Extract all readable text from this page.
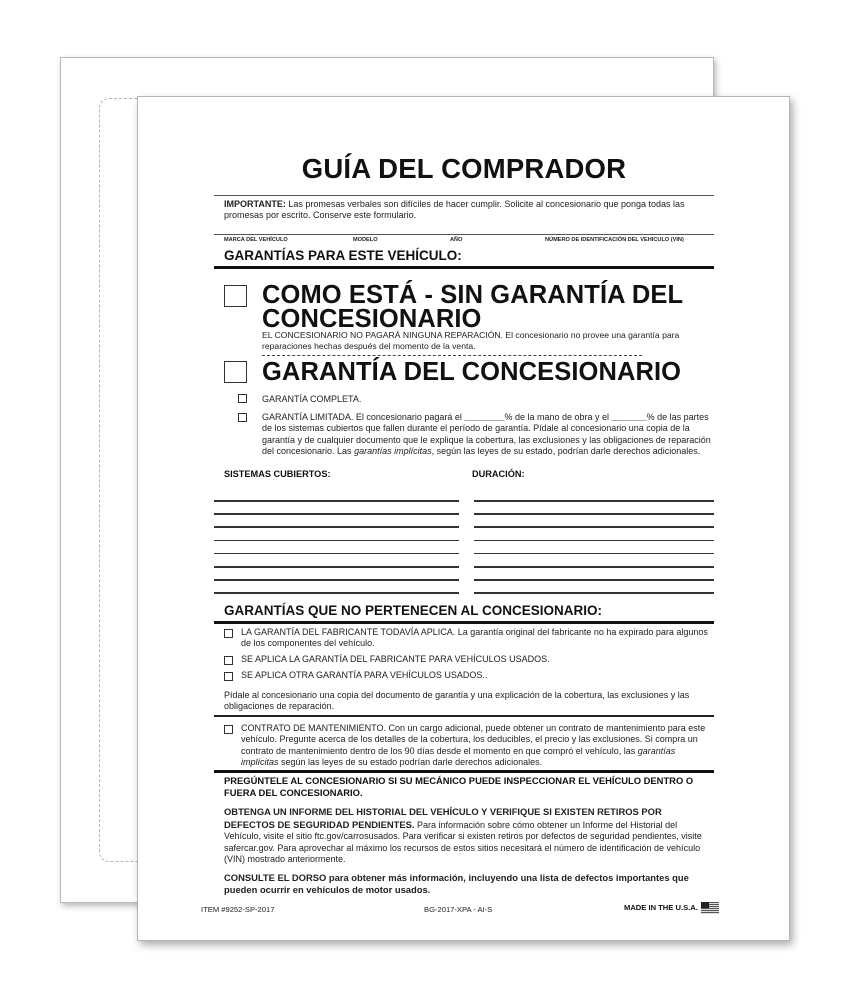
GUÍA DEL COMPRADOR
IMPORTANTE: Las promesas verbales son difíciles de hacer cumplir. Solicite al concesionario que ponga todas las promesas por escrito. Conserve este formulario.
MARCA DEL VEHÍCULO	MODELO	AÑO	NÚMERO DE IDENTIFICACIÓN DEL VEHICULO (VIN)
GARANTÍAS PARA ESTE VEHÍCULO:
COMO ESTÁ - SIN GARANTÍA DEL
CONCESIONARIO
EL CONCESIONARIO NO PAGARÁ NINGUNA REPARACIÓN. El concesionario no provee una garantía para reparaciones hechas después del momento de la venta.
GARANTÍA DEL CONCESIONARIO
GARANTÍA COMPLETA.
GARANTÍA LIMITADA. El concesionario pagará el ________% de la mano de obra y el _______% de las partes de los sistemas cubiertos que fallen durante el período de garantía. Pídale al concesionario una copia de la garantía y de cualquier documento que le explique la cobertura, las exclusiones y las obligaciones de reparación del concesionario. Las garantías implícitas, según las leyes de su estado, podrían darle derechos adicionales.
SISTEMAS CUBIERTOS:	DURACIÓN:
GARANTÍAS QUE NO PERTENECEN AL CONCESIONARIO:
LA GARANTÍA DEL FABRICANTE TODAVÍA APLICA. La garantía original del fabricante no ha expirado para algunos de los componentes del vehículo.
SE APLICA LA GARANTÍA DEL FABRICANTE PARA VEHÍCULOS USADOS.
SE APLICA OTRA GARANTÍA PARA VEHÍCULOS USADOS..
Pídale al concesionario una copia del documento de garantía y una explicación de la cobertura, las exclusiones y las obligaciones de reparación.
CONTRATO DE MANTENIMIENTO. Con un cargo adicional, puede obtener un contrato de mantenimiento para este vehículo. Pregunte acerca de los detalles de la cobertura, los deducibles, el precio y las exclusiones. Si compra un contrato de mantenimiento dentro de los 90 días desde el momento en que compró el vehículo, las garantías implícitas según las leyes de su estado podrían darle derechos adicionales.
PREGÚNTELE AL CONCESIONARIO SI SU MECÁNICO PUEDE INSPECCIONAR EL VEHÍCULO DENTRO O FUERA DEL CONCESIONARIO.
OBTENGA UN INFORME DEL HISTORIAL DEL VEHÍCULO Y VERIFIQUE SI EXISTEN RETIROS POR DEFECTOS DE SEGURIDAD PENDIENTES. Para información sobre cómo obtener un Informe del Historial del Vehículo, visite el sitio ftc.gov/carrosusados. Para verificar si existen retiros por defectos de seguridad pendientes, visite safercar.gov. Para aprovechar al máximo los recursos de estos sitios necesitará el número de identificación de vehículo (VIN) mostrado anteriormente.
CONSULTE EL DORSO para obtener más información, incluyendo una lista de defectos importantes que pueden ocurrir en vehículos de motor usados.
ITEM #9252-SP-2017	BG-2017-XPA - AI-S	MADE IN THE U.S.A.
